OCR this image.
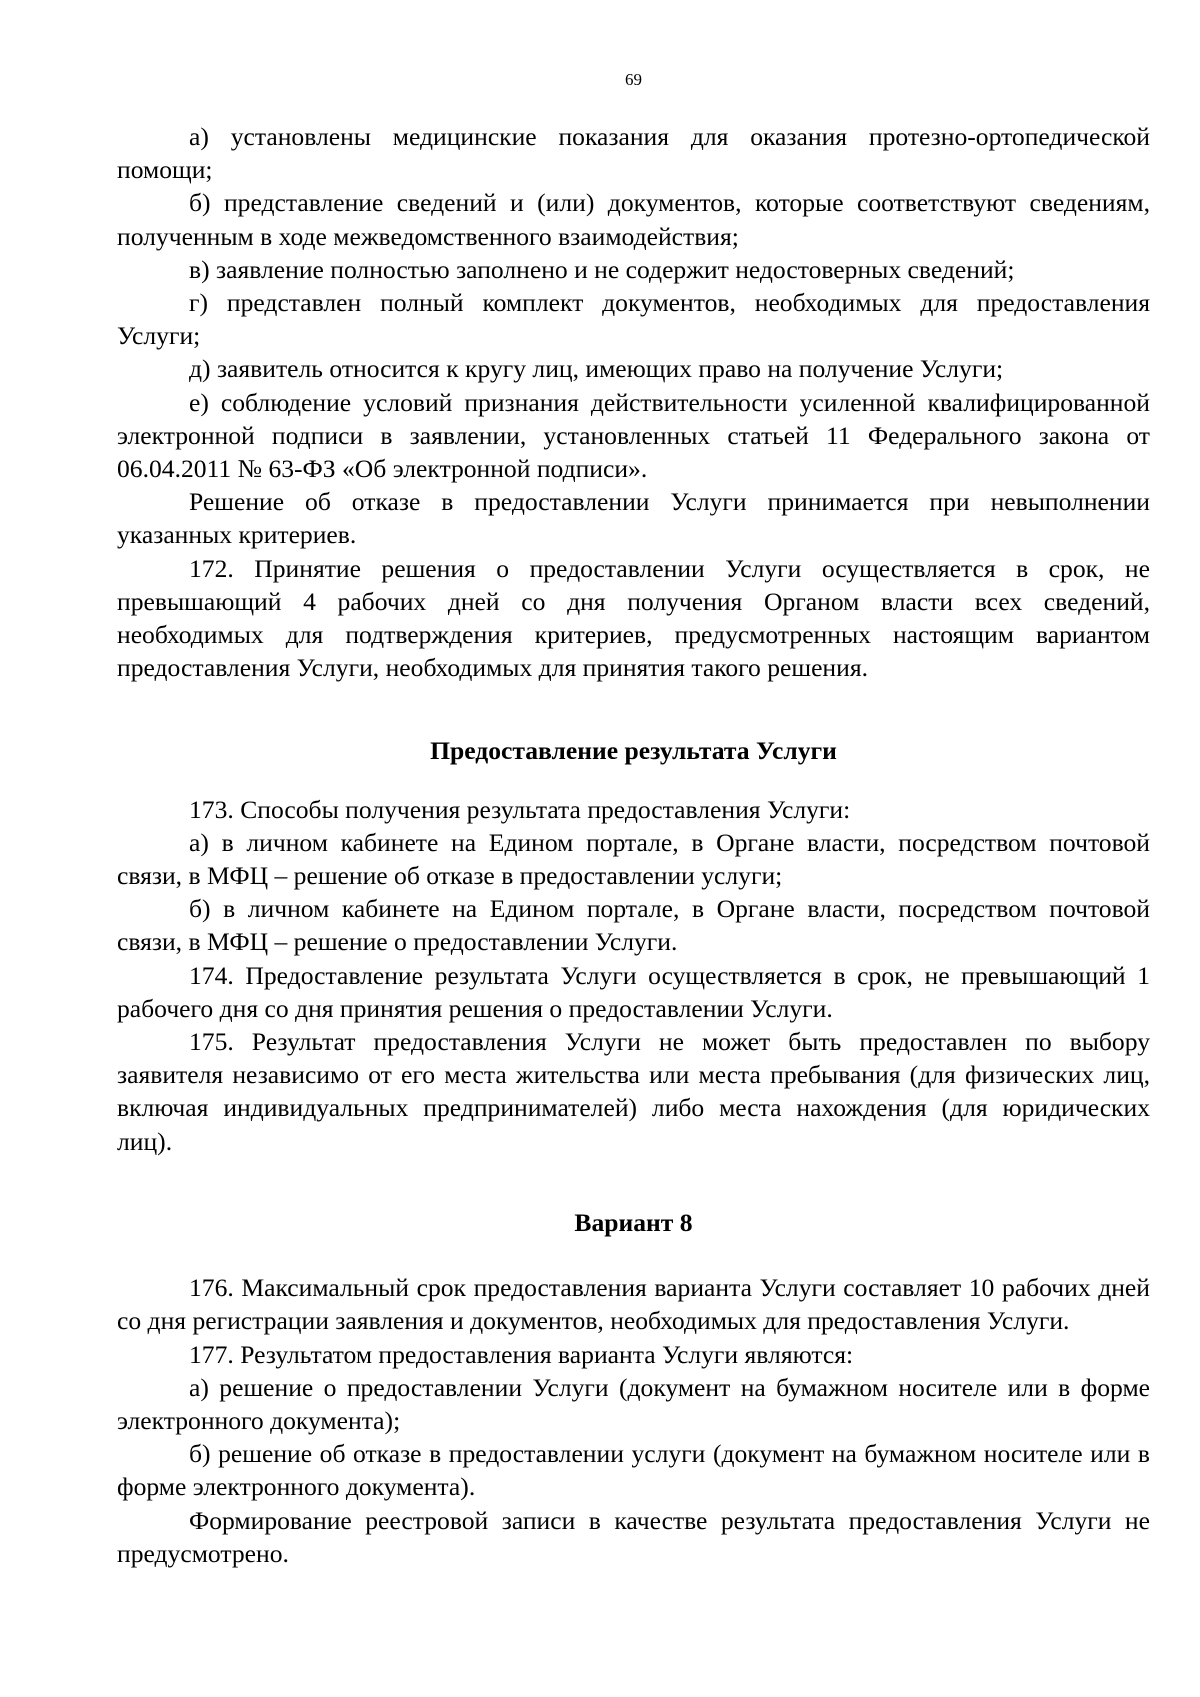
69

а) установлены медицинские показания для оказания протезно-ортопедической помощи;

б) представление сведений и (или) документов, которые соответствуют сведениям, полученным в ходе межведомственного взаимодействия;

в) заявление полностью заполнено и не содержит недостоверных сведений;

г) представлен полный комплект документов, необходимых для предоставления Услуги;

д) заявитель относится к кругу лиц, имеющих право на получение Услуги;

е) соблюдение условий признания действительности усиленной квалифицированной электронной подписи в заявлении, установленных статьей 11 Федерального закона от 06.04.2011 № 63-ФЗ «Об электронной подписи».

Решение об отказе в предоставлении Услуги принимается при невыполнении указанных критериев.

172. Принятие решения о предоставлении Услуги осуществляется в срок, не превышающий 4 рабочих дней со дня получения Органом власти всех сведений, необходимых для подтверждения критериев, предусмотренных настоящим вариантом предоставления Услуги, необходимых для принятия такого решения.

Предоставление результата Услуги

173. Способы получения результата предоставления Услуги:

а) в личном кабинете на Едином портале, в Органе власти, посредством почтовой связи, в МФЦ – решение об отказе в предоставлении услуги;

б) в личном кабинете на Едином портале, в Органе власти, посредством почтовой связи, в МФЦ – решение о предоставлении Услуги.

174. Предоставление результата Услуги осуществляется в срок, не превышающий 1 рабочего дня со дня принятия решения о предоставлении Услуги.

175. Результат предоставления Услуги не может быть предоставлен по выбору заявителя независимо от его места жительства или места пребывания (для физических лиц, включая индивидуальных предпринимателей) либо места нахождения (для юридических лиц).

Вариант 8

176. Максимальный срок предоставления варианта Услуги составляет 10 рабочих дней со дня регистрации заявления и документов, необходимых для предоставления Услуги.

177. Результатом предоставления варианта Услуги являются:

а) решение о предоставлении Услуги (документ на бумажном носителе или в форме электронного документа);

б) решение об отказе в предоставлении услуги (документ на бумажном носителе или в форме электронного документа).

Формирование реестровой записи в качестве результата предоставления Услуги не предусмотрено.
